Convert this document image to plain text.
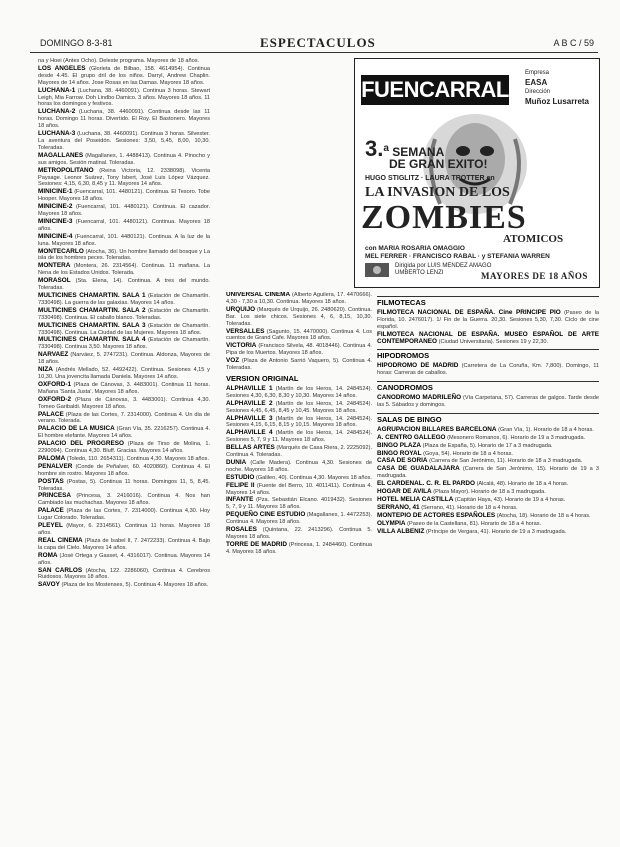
DOMINGO 8-3-81	ESPECTACULOS	A B C / 59
na y Hoei (Antes Ocho). Deleste programa. Mayores de 18 años.
LOS ANGELES (Glorieta de Bilbao, 158. 4614954). Continua desde 4.45. El grupo dril de los niños. Darryl, Andrew Chaplin. Mayores de 14 años. Jose Rosas en las Damas. Mayores 18 años.
LUCHANA-1 (Luchana, 38. 4460091). Continua 3 horas. Stewart Leigh, Mia Farrow. Doh Lindbo Damico. 3 años. Mayores 18 años. 11 horas los domingos y festivos.
LUCHANA-2 (Luchana, 38. 4460091). Continua desde las 11 horas. Domingo 11 horas. Divertido. El Roy. El Bastonero. Mayores 18 años.
LUCHANA-3 (Luchana, 38. 4460091). Continua 3 horas. Silvester. La aventura del Poseidón. Sesiones: 3,50, 5,45, 8,00, 10,30. Toleradas.
MAGALLANES (Magallanes, 1. 4488413). Continua 4. Pinocho y sus amigos. Sesión matinal. Toleradas.
METROPOLITANO (Reina Victoria, 12. 2338098). Vicenta Paysage. Leonor Suárez, Tony Isbert, José Luis López Vázquez. Sesiones: 4,15, 6,30, 8,45 y 11. Mayores 14 años.
MINICINE-1 (Fuencarral, 101. 4480121). Continua. El Tesoro. Tobe Hooper. Mayores 18 años.
MINICINE-2 (Fuencarral, 101. 4480121). Continua. El cazador. Mayores 18 años.
MINICINE-3 (Fuencarral, 101. 4480121). Continua. Mayores 18 años.
MINICINE-4 (Fuencarral, 101. 4480121). Continua. A la luz de la luna. Mayores 18 años.
MONTECARLO (Atocha, 36). Un hombre llamado del bosque y La isla de los hombres peces. Toleradas.
MONTERA (Montera, 26. 2314564). Continua. 11 mañana. La Nena de los Estados Unidos. Tolerada.
MORASOL (Sta. Elena, 14). Continua. A tres del mundo. Toleradas.
MULTICINES CHAMARTIN. SALA 1 (Estación de Chamartín. 7330498). La guerra de las galaxias. Mayores 14 años.
MULTICINES CHAMARTIN. SALA 2 (Estación de Chamartín. 7330498). Continua. El caballo blanco. Toleradas.
MULTICINES CHAMARTIN. SALA 3 (Estación de Chamartín. 7330498). Continua. La Ciudad de las Mujeres. Mayores 18 años.
MULTICINES CHAMARTIN. SALA 4 (Estación de Chamartín. 7330498). Continua 3,50. Mayores 18 años.
NARVAEZ (Narváez, 5. 2747231). Continua. Aldonza, Mayores de 18 años.
NIZA (Andrés Mellado, 52. 4492422). Continua. Sesiones 4,15 y 10,30. Una jovencita llamada Daniela. Mayores 14 años.
OXFORD-1 (Plaza de Cánovas, 3. 4483001). Continua 11 horas. Mañana 'Santa Justa'. Mayores 18 años.
OXFORD-2 (Plaza de Cánovas, 3. 4483001). Continua 4,30. Tomeo Garibaldi. Mayores 18 años.
PALACE (Plaza de las Cortes, 7. 2314000). Continua 4. Un dia de verano. Tolerada.
PALACIO DE LA MUSICA (Gran Vía, 35. 2216257). Continua 4. El hombre elefante. Mayores 14 años.
PALACIO DEL PROGRESO (Plaza de Tirso de Molina, 1. 2290094). Continua 4,30. Bluff. Gracias. Mayores 14 años.
PALOMA (Toledo, 110. 2654311). Continua 4,30. Mayores 18 años.
PENALVER (Conde de Peñalver, 60. 4020860). Continua 4. El hombre sin rostro. Mayores 18 años.
POSTAS (Postas, 5). Continua 11 horas. Domingos 11, 5, 8,45. Toleradas.
PRINCESA (Princesa, 3. 2416016). Continua 4. Nos han Cambiado las muchachas. Mayores 18 años.
PALACE (Plaza de las Cortes, 7. 2314000). Continua 4,30. Hoy Lugar Colorado. Toleradas.
PLEYEL (Mayor, 6. 2314561). Continua 11 horas. Mayores 18 años.
REAL CINEMA (Plaza de Isabel II, 7. 2472233). Continua 4. Bajo la capa del Cielo. Mayores 14 años.
ROMA (José Ortega y Gasset, 4. 4316017). Continua. Mayores 14 años.
SAN CARLOS (Atocha, 122. 2286060). Continua 4. Cerebros Ruidosos. Mayores 18 años.
SAVOY (Plaza de los Mostenses, 5). Continua 4. Mayores 18 años.
FUENCARRAL
Empresa
EASA
Dirección
Muñoz Lusarreta
3.$^a$ SEMANA
DE GRAN EXITO!
HUGO STIGLITZ · LAURA TROTTER en
LA INVASION DE LOS
ZOMBIES
ATOMICOS
con MARIA ROSARIA OMAGGIO
MEL FERRER · FRANCISCO RABAL · y STEFANIA WARREN
Dirigida por LUIS MENDEZ AMAGO
UMBERTO LENZI	MAYORES DE 18 AÑOS
UNIVERSAL CINEMA (Alberto Aguilera, 17. 4470666). 4,30 - 7,30 a 10,30. Continua. Mayores 18 años.
URQUIJO (Marqués de Urquijo, 26. 2480620). Continua. Bar. Los siete chicos. Sesiones 4, 6, 8,15, 10,30. Toleradas.
VERSALLES (Sagunto, 15. 4470000). Continua 4. Los cuentos de Grand Cafe. Mayores 18 años.
VICTORIA (Francisco Silvela, 48. 4018446). Continua 4. Pipa de los Muertos. Mayores 18 años.
VOZ (Plaza de Antonio Sarrió Vaquero, 5). Continua 4. Toleradas.
VERSION ORIGINAL
ALPHAVILLE 1 (Martín de los Heros, 14. 2484524). Sesiones 4,30, 6,30, 8,30 y 10,30. Mayores 14 años.
ALPHAVILLE 2 (Martín de los Heros, 14. 2484524). Sesiones 4,45, 6,45, 8,45 y 10,45. Mayores 18 años.
ALPHAVILLE 3 (Martín de los Heros, 14. 2484524). Sesiones 4,15, 6,15, 8,15 y 10,15. Mayores 18 años.
ALPHAVILLE 4 (Martín de los Heros, 14. 2484524). Sesiones 5, 7, 9 y 11. Mayores 18 años.
BELLAS ARTES (Marqués de Casa Riera, 2. 2225092). Continua 4. Toleradas.
DUNIA (Calle Madera). Continua 4,30. Sesiones de noche. Mayores 18 años.
ESTUDIO (Galileo, 40). Continua 4,30. Mayores 18 años.
FELIPE II (Fuente del Berro, 10. 4011411). Continua 4. Mayores 14 años.
INFANTE (Pza. Sebastián Elcano. 4019432). Sesiones 5, 7, 9 y 11. Mayores 18 años.
PEQUEÑO CINE ESTUDIO (Magallanes, 1. 4472253). Continua 4. Mayores 18 años.
ROSALES (Quintana, 22. 2413296). Continua 5. Mayores 18 años.
TORRE DE MADRID (Princesa, 1. 2484460). Continua 4. Mayores 18 años.
FILMOTECAS
FILMOTECA NACIONAL DE ESPAÑA. Cine PRINCIPE PIO (Paseo de la Florida, 10. 2476017). 1/ Fin de la Guerra. 20,30. Sesiones 5,30, 7,30. Ciclo de cine español.
FILMOTECA NACIONAL DE ESPAÑA. MUSEO ESPAÑOL DE ARTE CONTEMPORANEO (Ciudad Universitaria). Sesiones 19 y 22,30.
HIPODROMOS
HIPODROMO DE MADRID (Carretera de La Coruña, Km. 7,800). Domingo, 11 horas: Carreras de caballos.
CANODROMOS
CANODROMO MADRILEÑO (Vía Carpetana, 57). Carreras de galgos. Tarde desde las 5. Sábados y domingos.
SALAS DE BINGO
AGRUPACION BILLARES BARCELONA (Gran Vía, 1). Horario de 18 a 4 horas.
A. CENTRO GALLEGO (Mesonero Romanos, 6). Horario de 19 a 3 madrugada.
BINGO PLAZA (Plaza de España, 5). Horario de 17 a 3 madrugada.
BINGO ROYAL (Goya, 54). Horario de 18 a 4 horas.
CASA DE SORIA (Carrera de San Jerónimo, 11). Horario de 18 a 3 madrugada.
CASA DE GUADALAJARA (Carrera de San Jerónimo, 15). Horario de 19 a 3 madrugada.
EL CARDENAL. C. R. EL PARDO (Alcalá, 48). Horario de 18 a 4 horas.
HOGAR DE AVILA (Plaza Mayor). Horario de 18 a 3 madrugada.
HOTEL MELIA CASTILLA (Capitán Haya, 43). Horario de 19 a 4 horas.
SERRANO, 41 (Serrano, 41). Horario de 18 a 4 horas.
MONTEPIO DE ACTORES ESPAÑOLES (Atocha, 18). Horario de 18 a 4 horas.
OLYMPIA (Paseo de la Castellana, 81). Horario de 18 a 4 horas.
VILLA ALBENIZ (Príncipe de Vergara, 41). Horario de 19 a 3 madrugada.
